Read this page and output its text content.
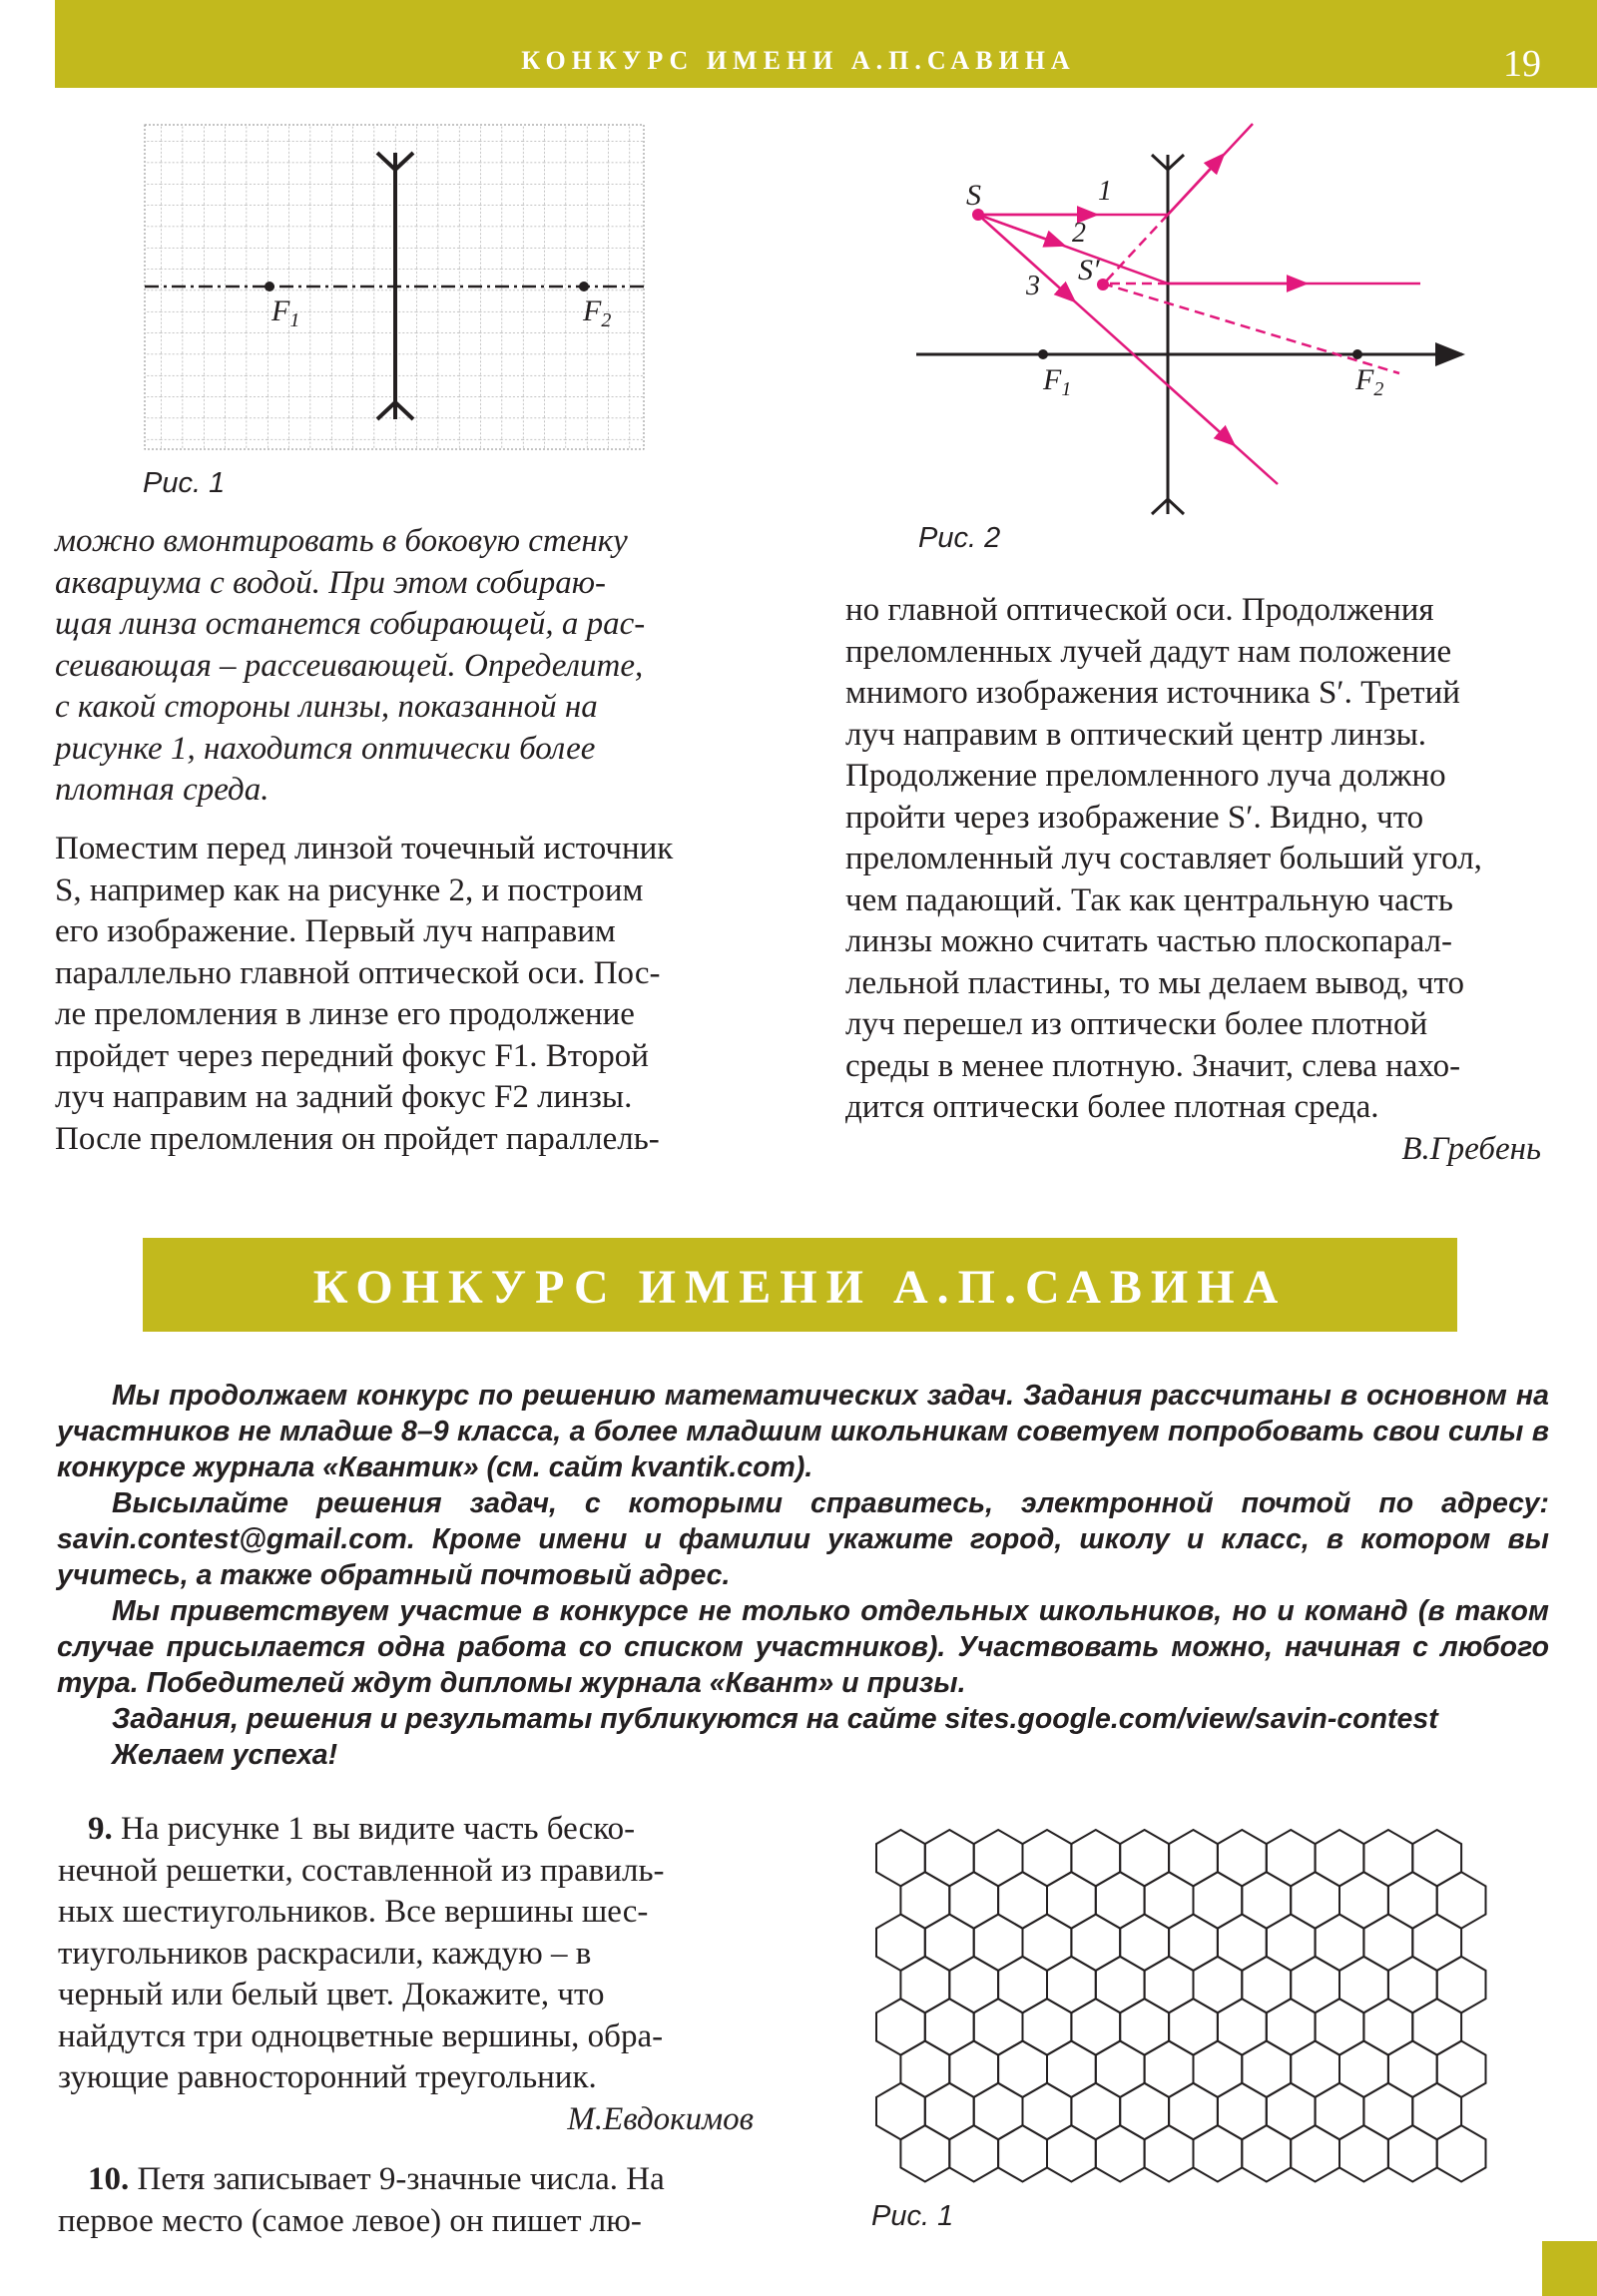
КОНКУРС ИМЕНИ А.П.САВИНА	19
$F_1$	$F_2$
Рис. 1
S
S′
1
2
3
$F_1$	$F_2$
Рис. 2
можно вмонтировать в боковую стенку
аквариума с водой. При этом собираю-
щая линза останется собирающей, а рас-
сеивающая – рассеивающей. Определите,
с какой стороны линзы, показанной на
рисунке 1, находится оптически более
плотная среда.
Поместим перед линзой точечный источник
S, например как на рисунке 2, и построим
его изображение. Первый луч направим
параллельно главной оптической оси. Пос-
ле преломления в линзе его продолжение
пройдет через передний фокус F1. Второй
луч направим на задний фокус F2 линзы.
После преломления он пройдет параллель-
но главной оптической оси. Продолжения
преломленных лучей дадут нам положение
мнимого изображения источника S′. Третий
луч направим в оптический центр линзы.
Продолжение преломленного луча должно
пройти через изображение S′. Видно, что
преломленный луч составляет больший угол,
чем падающий. Так как центральную часть
линзы можно считать частью плоскопарал-
лельной пластины, то мы делаем вывод, что
луч перешел из оптически более плотной
среды в менее плотную. Значит, слева нахо-
дится оптически более плотная среда.
В.Гребень
КОНКУРС ИМЕНИ А.П.САВИНА

Мы продолжаем конкурс по решению математических задач. Задания рассчитаны в основном на участников не младше 8–9 класса, а более младшим школьникам советуем попробовать свои силы в конкурсе журнала «Квантик» (см. сайт kvantik.com).

Высылайте решения задач, с которыми справитесь, электронной почтой по адресу: savin.contest@gmail.com. Кроме имени и фамилии укажите город, школу и класс, в котором вы учитесь, а также обратный почтовый адрес.

Мы приветствуем участие в конкурсе не только отдельных школьников, но и команд (в таком случае присылается одна работа со списком участников). Участвовать можно, начиная с любого тура. Победителей ждут дипломы журнала «Квант» и призы.

Задания, решения и результаты публикуются на сайте sites.google.com/view/savin-contest

Желаем успеха!

9. На рисунке 1 вы видите часть беско-
нечной решетки, составленной из правиль-
ных шестиугольников. Все вершины шес-
тиугольников раскрасили, каждую – в
черный или белый цвет. Докажите, что
найдутся три одноцветные вершины, обра-
зующие равносторонний треугольник.
М.Евдокимов
10. Петя записывает 9-значные числа. На
первое место (самое левое) он пишет лю-	Рис. 1
